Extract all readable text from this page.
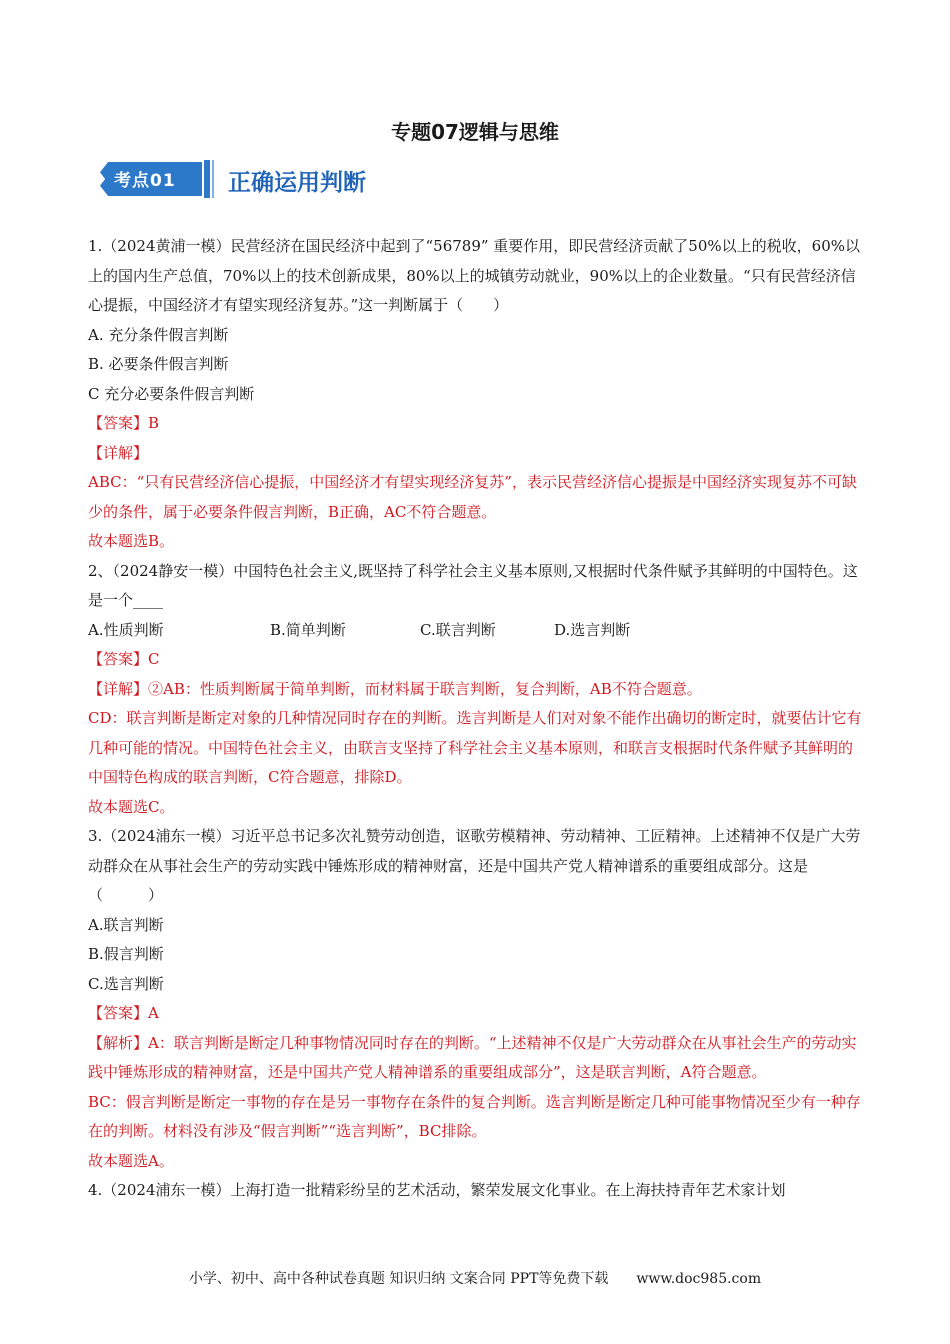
专题07逻辑与思维
考点01 正确运用判断
1.（2024黄浦一模）民营经济在国民经济中起到了“56789” 重要作用，即民营经济贡献了50%以上的税收，60%以上的国内生产总值，70%以上的技术创新成果，80%以上的城镇劳动就业，90%以上的企业数量。“只有民营经济信心提振，中国经济才有望实现经济复苏。”这一判断属于（　　）
A. 充分条件假言判断
B. 必要条件假言判断
C 充分必要条件假言判断
【答案】B
【详解】
ABC：“只有民营经济信心提振，中国经济才有望实现经济复苏”，表示民营经济信心提振是中国经济实现复苏不可缺少的条件，属于必要条件假言判断，B正确，AC不符合题意。
故本题选B。
2、（2024静安一模）中国特色社会主义,既坚持了科学社会主义基本原则,又根据时代条件赋予其鲜明的中国特色。这是一个____
A.性质判断	B.简单判断	C.联言判断	D.选言判断
【答案】C
【详解】②AB：性质判断属于简单判断，而材料属于联言判断，复合判断，AB不符合题意。
CD：联言判断是断定对象的几种情况同时存在的判断。选言判断是人们对对象不能作出确切的断定时，就要估计它有几种可能的情况。中国特色社会主义，由联言支坚持了科学社会主义基本原则，和联言支根据时代条件赋予其鲜明的中国特色构成的联言判断，C符合题意，排除D。
故本题选C。
3.（2024浦东一模）习近平总书记多次礼赞劳动创造，讴歌劳模精神、劳动精神、工匠精神。上述精神不仅是广大劳动群众在从事社会生产的劳动实践中锤炼形成的精神财富，还是中国共产党人精神谱系的重要组成部分。这是（　　　）
A.联言判断
B.假言判断
C.选言判断
【答案】A
【解析】A：联言判断是断定几种事物情况同时存在的判断。“上述精神不仅是广大劳动群众在从事社会生产的劳动实践中锤炼形成的精神财富，还是中国共产党人精神谱系的重要组成部分”，这是联言判断，A符合题意。
BC：假言判断是断定一事物的存在是另一事物存在条件的复合判断。选言判断是断定几种可能事物情况至少有一种存在的判断。材料没有涉及“假言判断”“选言判断”，BC排除。
故本题选A。
4.（2024浦东一模）上海打造一批精彩纷呈的艺术活动，繁荣发展文化事业。在上海扶持青年艺术家计划
小学、初中、高中各种试卷真题 知识归纳 文案合同 PPT等免费下载　　www.doc985.com
